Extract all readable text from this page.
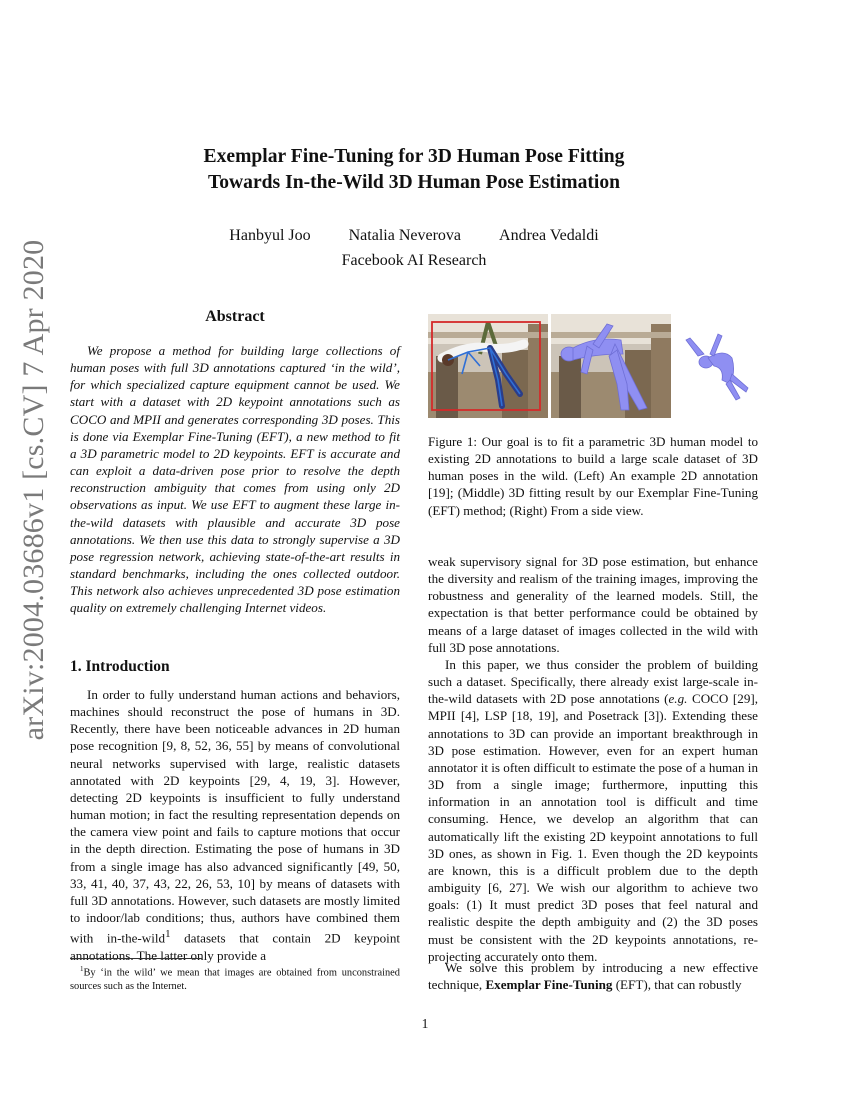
arXiv:2004.03686v1 [cs.CV] 7 Apr 2020
Exemplar Fine-Tuning for 3D Human Pose Fitting
Towards In-the-Wild 3D Human Pose Estimation
Hanbyul Joo Natalia Neverova Andrea Vedaldi
Facebook AI Research
Abstract

We propose a method for building large collections of human poses with full 3D annotations captured ‘in the wild’, for which specialized capture equipment cannot be used. We start with a dataset with 2D keypoint annotations such as COCO and MPII and generates corresponding 3D poses. This is done via Exemplar Fine-Tuning (EFT), a new method to fit a 3D parametric model to 2D keypoints. EFT is accurate and can exploit a data-driven pose prior to resolve the depth reconstruction ambiguity that comes from using only 2D observations as input. We use EFT to augment these large in-the-wild datasets with plausible and accurate 3D pose annotations. We then use this data to strongly supervise a 3D pose regression network, achieving state-of-the-art results in standard benchmarks, including the ones collected outdoor. This network also achieves unprecedented 3D pose estimation quality on extremely challenging Internet videos.

1. Introduction

In order to fully understand human actions and behaviors, machines should reconstruct the pose of humans in 3D. Recently, there have been noticeable advances in 2D human pose recognition [9, 8, 52, 36, 55] by means of convolutional neural networks supervised with large, realistic datasets annotated with 2D keypoints [29, 4, 19, 3]. However, detecting 2D keypoints is insufficient to fully understand human motion; in fact the resulting representation depends on the camera view point and fails to capture motions that occur in the depth direction. Estimating the pose of humans in 3D from a single image has also advanced significantly [49, 50, 33, 41, 40, 37, 43, 22, 26, 53, 10] by means of datasets with full 3D annotations. However, such datasets are mostly limited to indoor/lab conditions; thus, authors have combined them with in-the-wild$^1$ datasets that contain 2D keypoint annotations. The latter only provide a

$^1$By ‘in the wild’ we mean that images are obtained from unconstrained sources such as the Internet.

Figure 1: Our goal is to fit a parametric 3D human model to existing 2D annotations to build a large scale dataset of 3D human poses in the wild. (Left) An example 2D annotation [19]; (Middle) 3D fitting result by our Exemplar Fine-Tuning (EFT) method; (Right) From a side view.

weak supervisory signal for 3D pose estimation, but enhance the diversity and realism of the training images, improving the robustness and generality of the learned models. Still, the expectation is that better performance could be obtained by means of a large dataset of images collected in the wild with full 3D pose annotations.

In this paper, we thus consider the problem of building such a dataset. Specifically, there already exist large-scale in-the-wild datasets with 2D pose annotations (e.g. COCO [29], MPII [4], LSP [18, 19], and Posetrack [3]). Extending these annotations to 3D can provide an important breakthrough in 3D pose estimation. However, even for an expert human annotator it is often difficult to estimate the pose of a human in 3D from a single image; furthermore, inputting this information in an annotation tool is difficult and time consuming. Hence, we develop an algorithm that can automatically lift the existing 2D keypoint annotations to full 3D ones, as shown in Fig. 1. Even though the 2D keypoints are known, this is a difficult problem due to the depth ambiguity [6, 27]. We wish our algorithm to achieve two goals: (1) It must predict 3D poses that feel natural and realistic despite the depth ambiguity and (2) the 3D poses must be consistent with the 2D keypoints annotations, re-projecting accurately onto them.

We solve this problem by introducing a new effective technique, Exemplar Fine-Tuning (EFT), that can robustly

1
